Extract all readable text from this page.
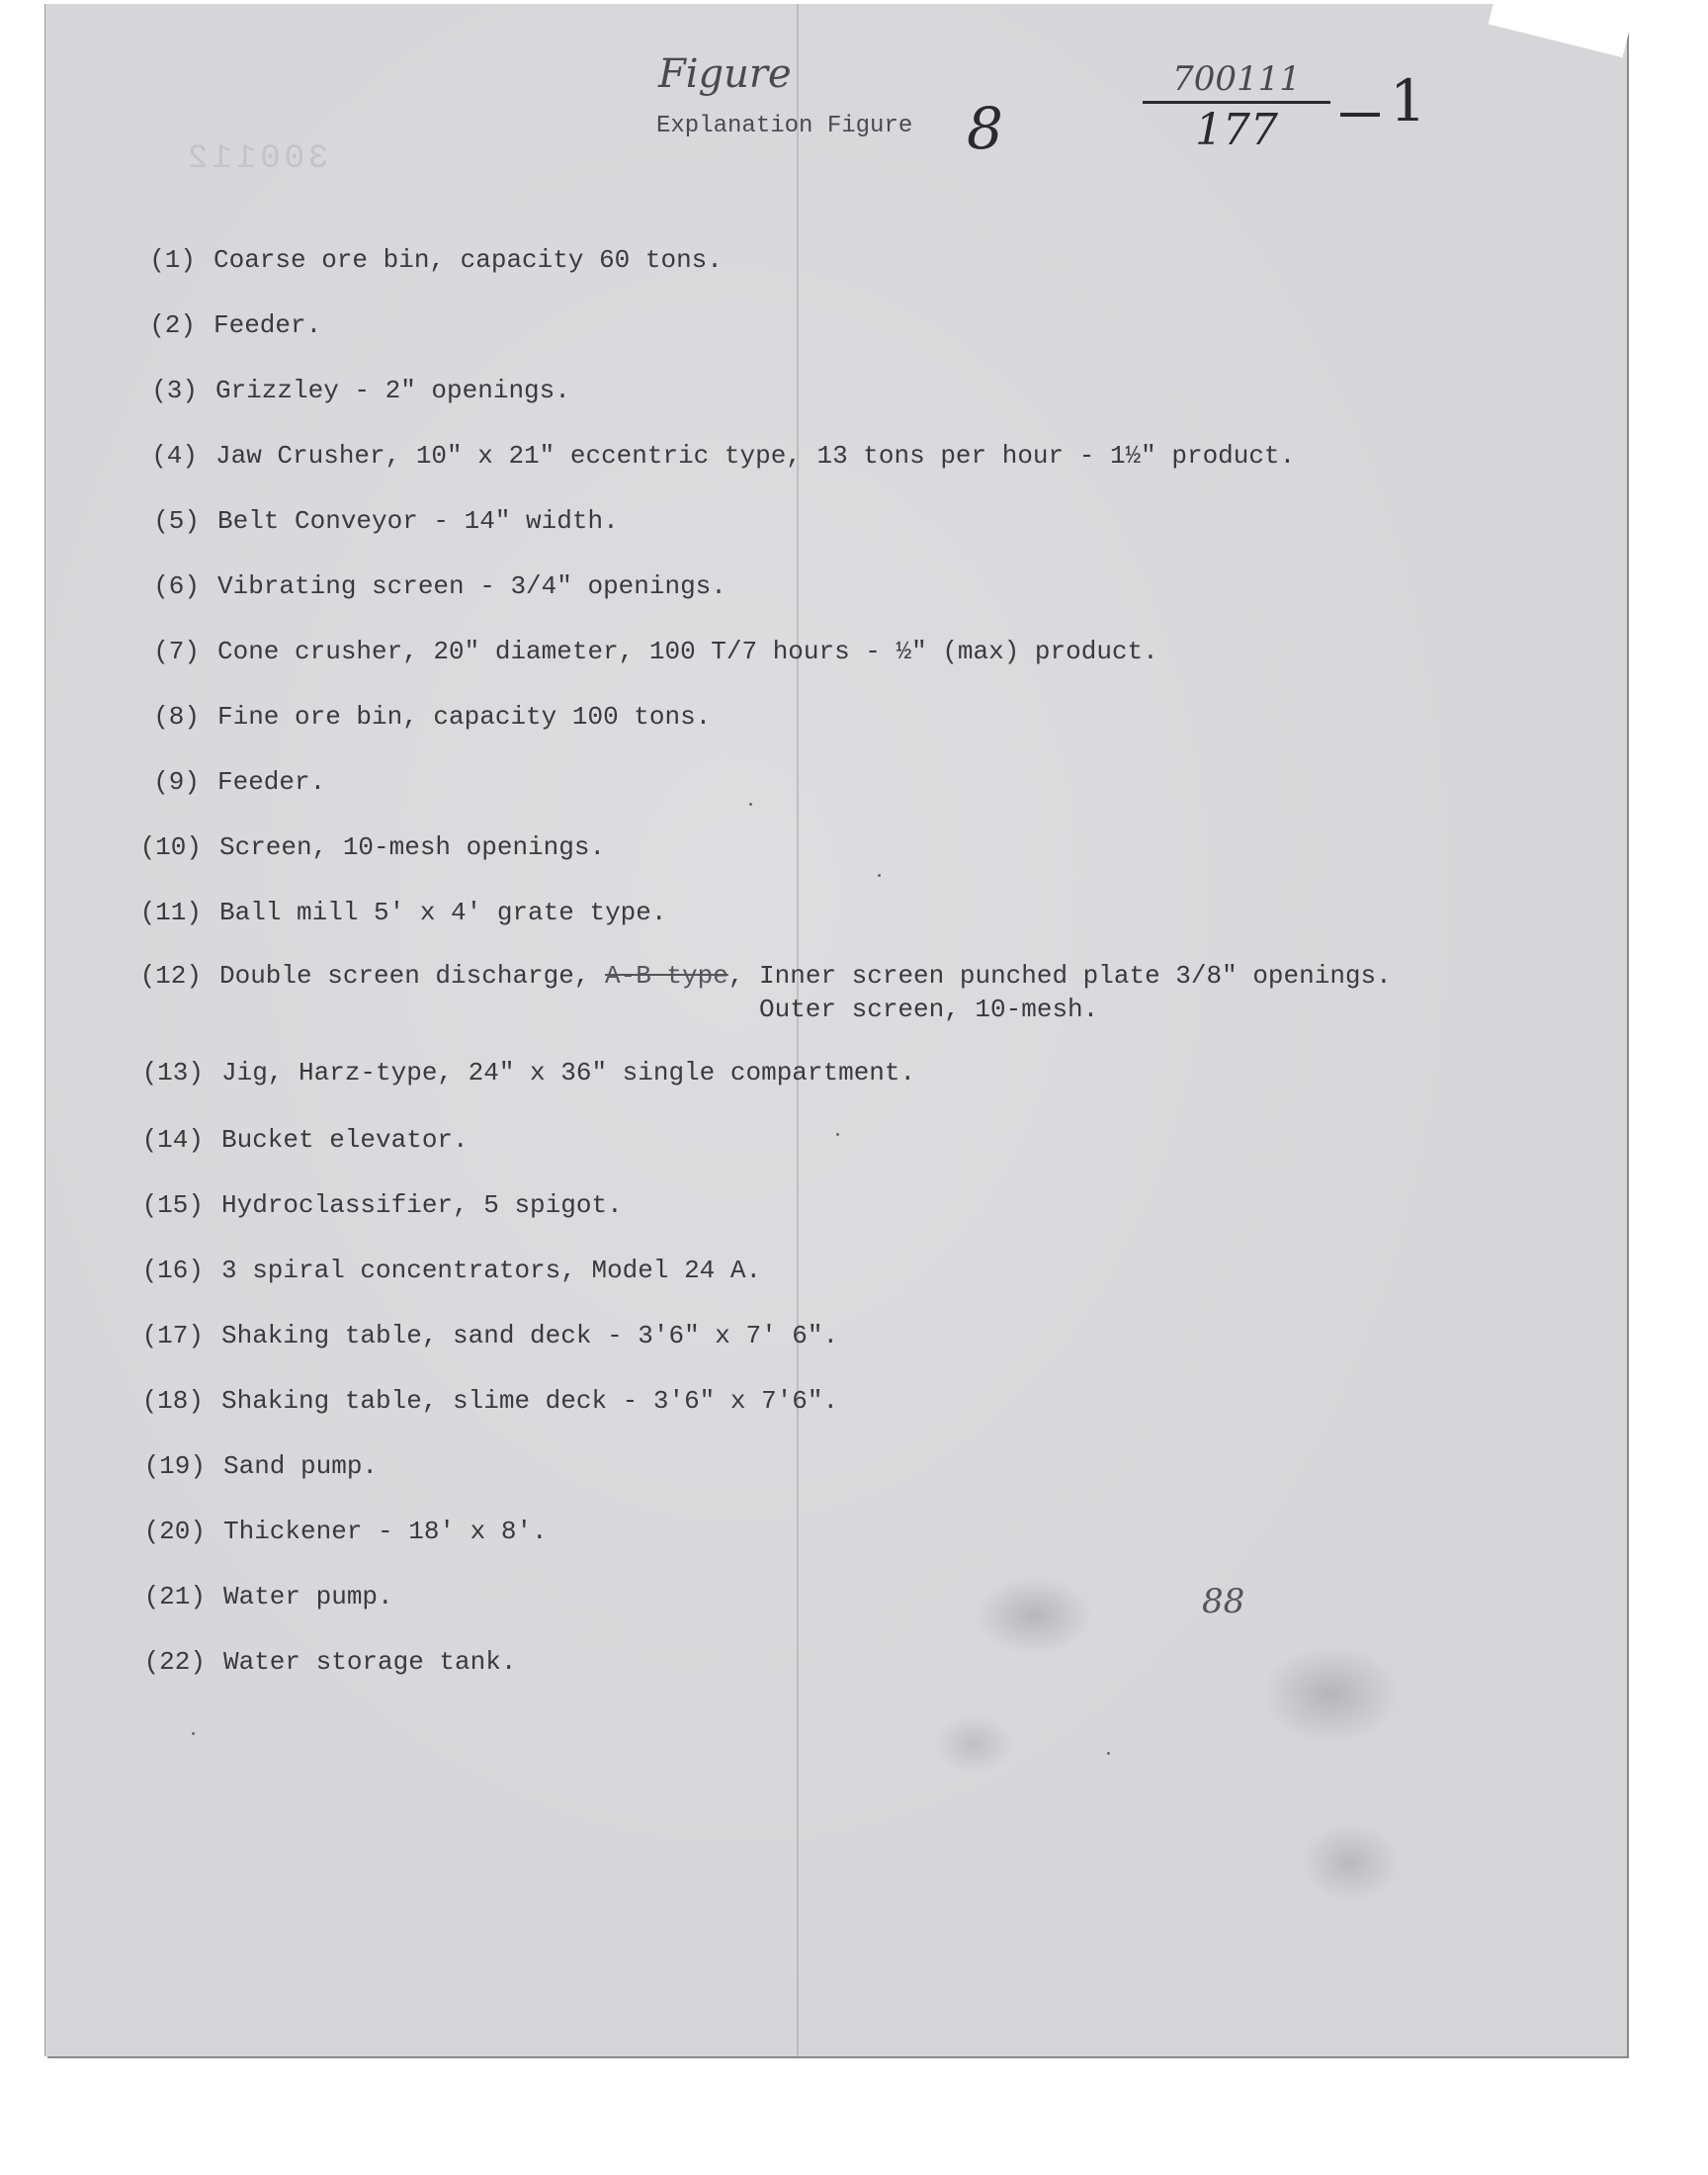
300112
Figure
Explanation Figure 8
700111
177	1
(1) Coarse ore bin, capacity 60 tons.
(2) Feeder.
(3) Grizzley - 2" openings.
(4) Jaw Crusher, 10" x 21" eccentric type, 13 tons per hour - 1½" product.
(5) Belt Conveyor - 14" width.
(6) Vibrating screen - 3/4" openings.
(7) Cone crusher, 20" diameter, 100 T/7 hours - ½" (max) product.
(8) Fine ore bin, capacity 100 tons.
(9) Feeder.
(10) Screen, 10-mesh openings.
(11) Ball mill 5' x 4' grate type.
(12) Double screen discharge, A-B type, Inner screen punched plate 3/8" openings.
Outer screen, 10-mesh.
(13) Jig, Harz-type, 24" x 36" single compartment.
(14) Bucket elevator.
(15) Hydroclassifier, 5 spigot.
(16) 3 spiral concentrators, Model 24 A.
(17) Shaking table, sand deck - 3'6" x 7' 6".
(18) Shaking table, slime deck - 3'6" x 7'6".
(19) Sand pump.
(20) Thickener - 18' x 8'.
(21) Water pump.
(22) Water storage tank.
88
